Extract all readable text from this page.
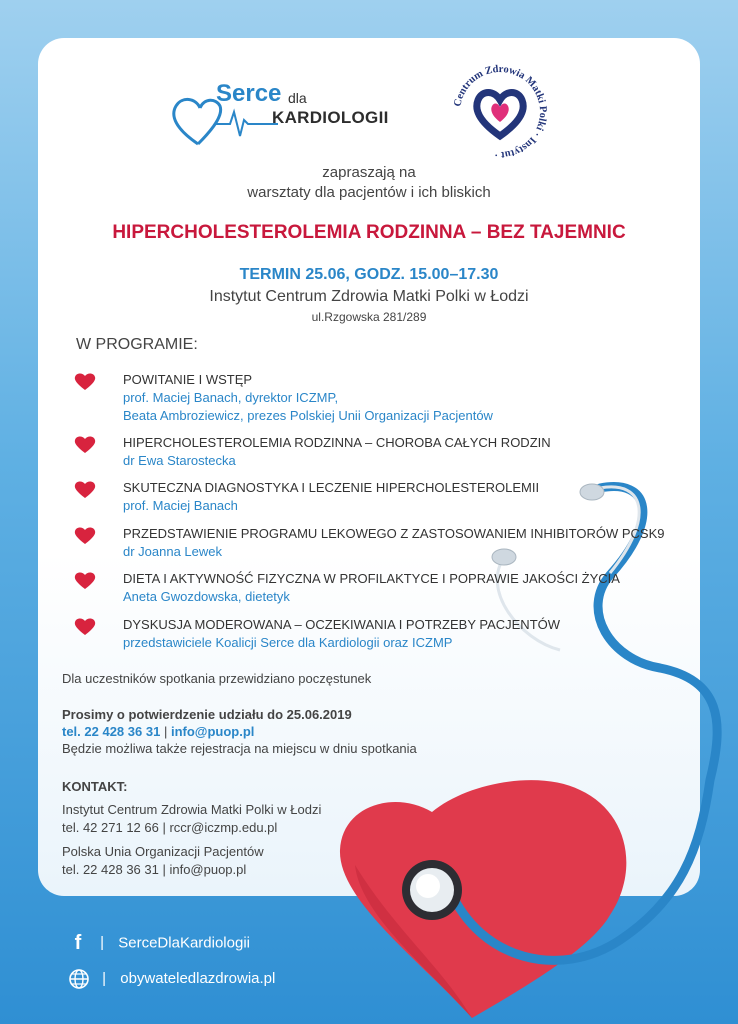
Serce dla
KARDIOLOGII
Centrum Zdrowia Matki Polki · Instytut ·
zapraszają na
warsztaty dla pacjentów i ich bliskich
HIPERCHOLESTEROLEMIA RODZINNA – BEZ TAJEMNIC
TERMIN 25.06, GODZ. 15.00–17.30
Instytut Centrum Zdrowia Matki Polki w Łodzi
ul.Rzgowska 281/289
W PROGRAMIE:
POWITANIE I WSTĘP
prof. Maciej Banach, dyrektor ICZMP,
Beata Ambroziewicz, prezes Polskiej Unii Organizacji Pacjentów
HIPERCHOLESTEROLEMIA RODZINNA – CHOROBA CAŁYCH RODZIN
dr Ewa Starostecka
SKUTECZNA DIAGNOSTYKA I LECZENIE HIPERCHOLESTEROLEMII
prof. Maciej Banach
PRZEDSTAWIENIE PROGRAMU LEKOWEGO Z ZASTOSOWANIEM INHIBITORÓW PCSK9
dr Joanna Lewek
DIETA I AKTYWNOŚĆ FIZYCZNA W PROFILAKTYCE I POPRAWIE JAKOŚCI ŻYCIA
Aneta Gwozdowska, dietetyk
DYSKUSJA MODEROWANA – OCZEKIWANIA I POTRZEBY PACJENTÓW
przedstawiciele Koalicji Serce dla Kardiologii oraz ICZMP
Dla uczestników spotkania przewidziano poczęstunek
Prosimy o potwierdzenie udziału do 25.06.2019
tel. 22 428 36 31 | info@puop.pl
Będzie możliwa także rejestracja na miejscu w dniu spotkania
KONTAKT:
Instytut Centrum Zdrowia Matki Polki w Łodzi
tel. 42 271 12 66 | rccr@iczmp.edu.pl
Polska Unia Organizacji Pacjentów
tel. 22 428 36 31 | info@puop.pl
f | SerceDlaKardiologii
| obywateledlazdrowia.pl
